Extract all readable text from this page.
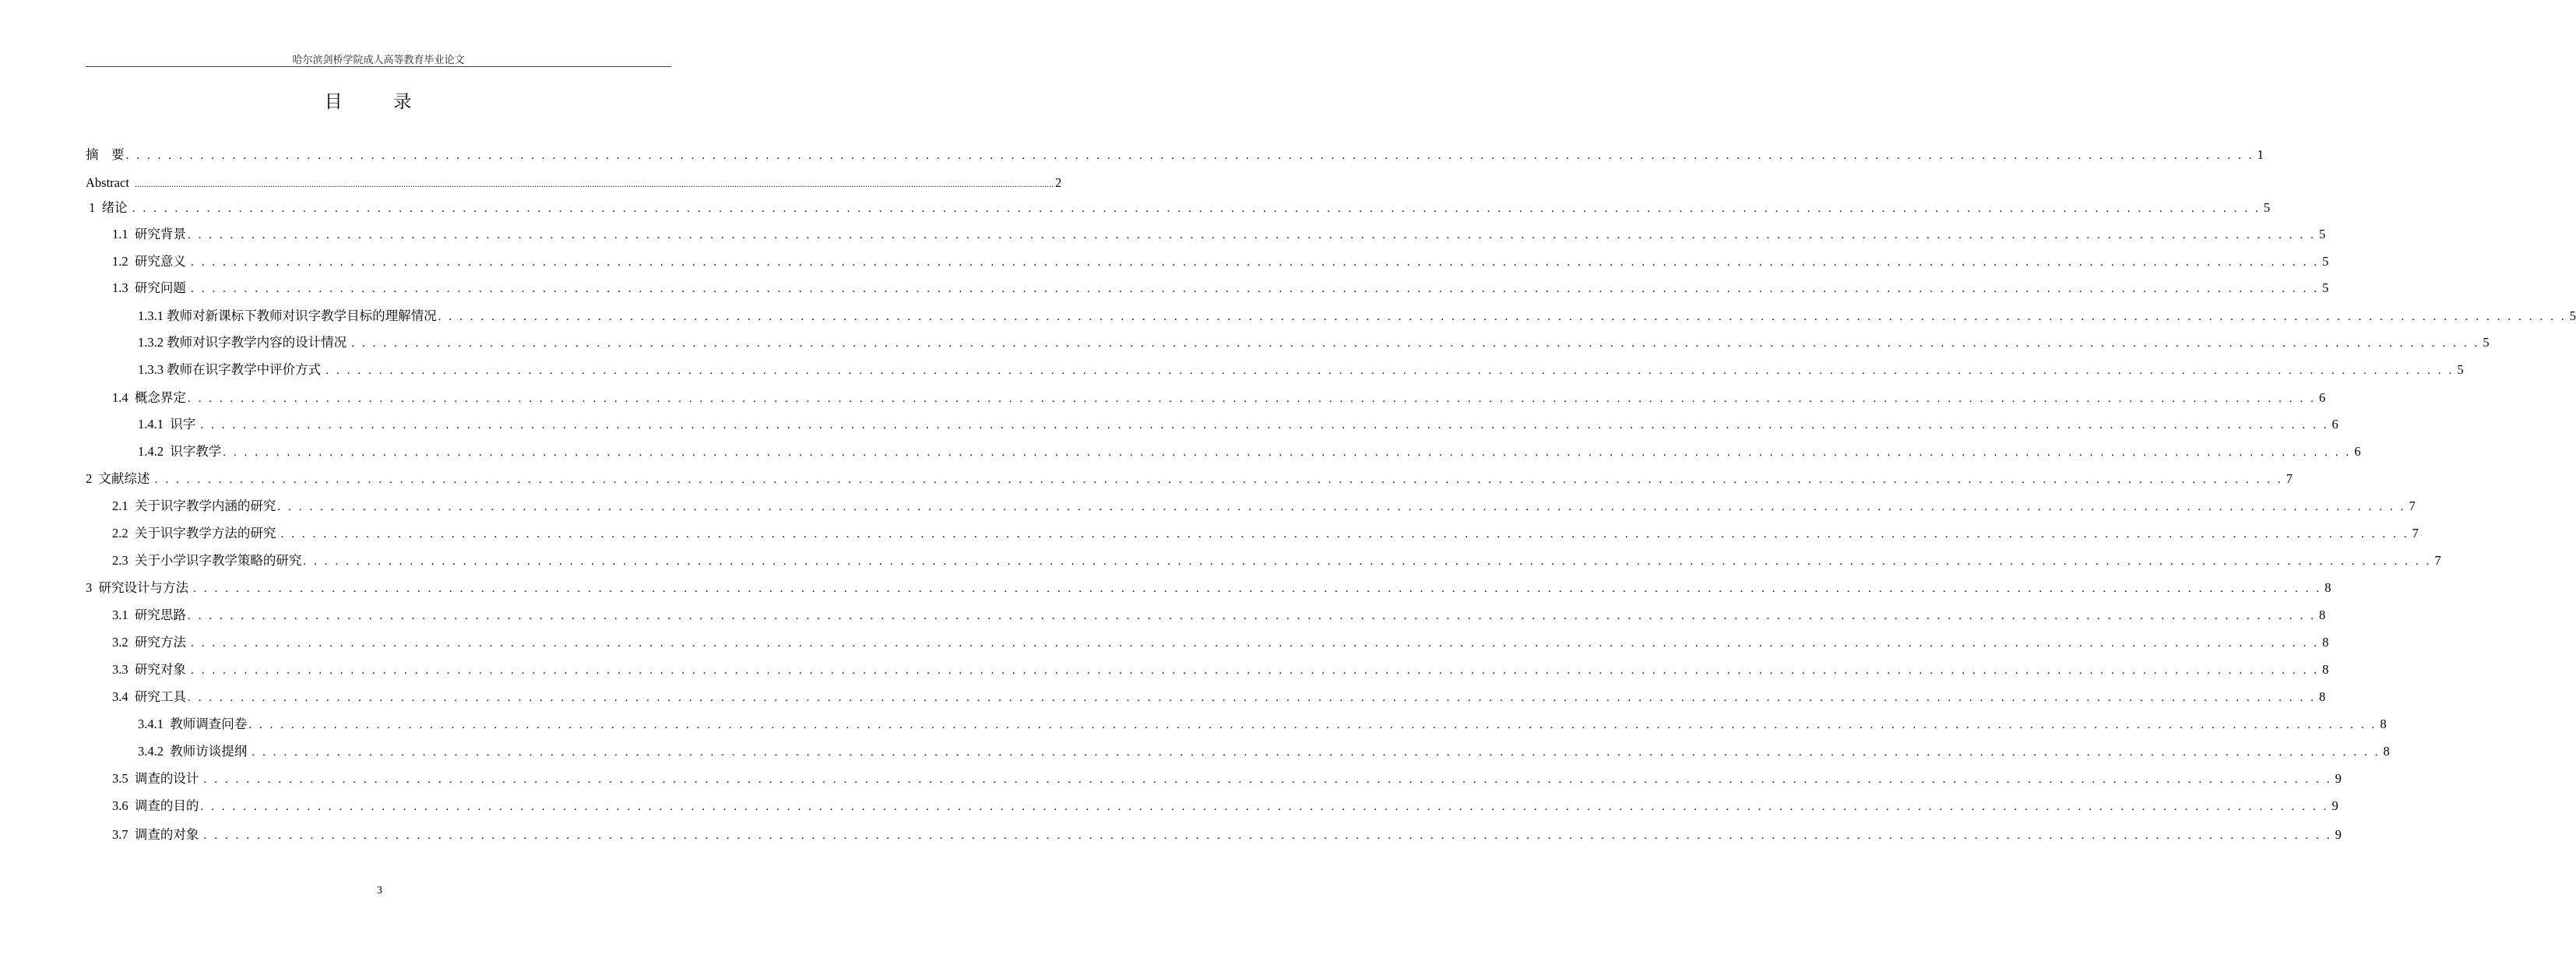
哈尔滨剑桥学院成人高等教育毕业论文
目 录
摘    要 . . . . . . . . . . . . . . . . . . . . . . . . . . . . . . . . . . . . . . . . . . . . . . . . . . . . . . . . . . . . . . . . . . . . . . . . . . . . . . . . . . . . . . . . . . . . . . . . . . . . . . . . . . . . . . . . . . . . . . . . . . . . . . . . . . . . . . . . . . . . . . . . . . . . . . . . . . . . . . . . . . . . . . . . . . . . . . . . . . . . . . . . . . . . . . . . . . . . . . . . 1
Abstract ................................................................................................................................................................................................................................................................................................................................................................................................................ 2
1  绪论 . . . . . . . . . . . . . . . . . . . . . . . . . . . . . . . . . . . . . . . . . . . . . . . . . . . . . . . . . . . . . . . . . . . . . . . . . . . . . . . . . . . . . . . . . . . . . . . . . . . . . . . . . . . . . . . . . . . . . . . . . . . . . . . . . . . . . . . . . . . . . . . . . . . . . . . . . . . . . . . . . . . . . . . . . . . . . . . . . . . . . . . . . . . . . . . . . . . . . . . . 5
1.1  研究背景 . . . . . . . . . . . . . . . . . . . . . . . . . . . . . . . . . . . . . . . . . . . . . . . . . . . . . . . . . . . . . . . . . . . . . . . . . . . . . . . . . . . . . . . . . . . . . . . . . . . . . . . . . . . . . . . . . . . . . . . . . . . . . . . . . . . . . . . . . . . . . . . . . . . . . . . . . . . . . . . . . . . . . . . . . . . . . . . . . . . . . . . . . . . . . . . . . . . . . . . . 5
1.2  研究意义 . . . . . . . . . . . . . . . . . . . . . . . . . . . . . . . . . . . . . . . . . . . . . . . . . . . . . . . . . . . . . . . . . . . . . . . . . . . . . . . . . . . . . . . . . . . . . . . . . . . . . . . . . . . . . . . . . . . . . . . . . . . . . . . . . . . . . . . . . . . . . . . . . . . . . . . . . . . . . . . . . . . . . . . . . . . . . . . . . . . . . . . . . . . . . . . . . . . . . . . . 5
1.3  研究问题 . . . . . . . . . . . . . . . . . . . . . . . . . . . . . . . . . . . . . . . . . . . . . . . . . . . . . . . . . . . . . . . . . . . . . . . . . . . . . . . . . . . . . . . . . . . . . . . . . . . . . . . . . . . . . . . . . . . . . . . . . . . . . . . . . . . . . . . . . . . . . . . . . . . . . . . . . . . . . . . . . . . . . . . . . . . . . . . . . . . . . . . . . . . . . . . . . . . . . . . . 5
1.3.1 教师对新课标下教师对识字教学目标的理解情况 . . . . . . . . . . . . . . . . . . . . . . . . . . . . . . . . . . . . . . . . . . . . . . . . . . . . . . . . . . . . . . . . . . . . . . . . . . . . . . . . . . . . . . . . . . . . . . . . . . . . . . . . . . . . . . . . . . . . . . . . . . . . . . . . . . . . . . . . . . . . . . . . . . . . . . . . . . . . . . . . . . . . . . . . . . . . . . . . . . . . . . . . . . . . . . . . . . . . . . . . 5
1.3.2 教师对识字教学内容的设计情况 . . . . . . . . . . . . . . . . . . . . . . . . . . . . . . . . . . . . . . . . . . . . . . . . . . . . . . . . . . . . . . . . . . . . . . . . . . . . . . . . . . . . . . . . . . . . . . . . . . . . . . . . . . . . . . . . . . . . . . . . . . . . . . . . . . . . . . . . . . . . . . . . . . . . . . . . . . . . . . . . . . . . . . . . . . . . . . . . . . . . . . . . . . . . . . . . . . . . . . . . 5
1.3.3 教师在识字教学中评价方式 . . . . . . . . . . . . . . . . . . . . . . . . . . . . . . . . . . . . . . . . . . . . . . . . . . . . . . . . . . . . . . . . . . . . . . . . . . . . . . . . . . . . . . . . . . . . . . . . . . . . . . . . . . . . . . . . . . . . . . . . . . . . . . . . . . . . . . . . . . . . . . . . . . . . . . . . . . . . . . . . . . . . . . . . . . . . . . . . . . . . . . . . . . . . . . . . . . . . . . . . 5
1.4  概念界定 . . . . . . . . . . . . . . . . . . . . . . . . . . . . . . . . . . . . . . . . . . . . . . . . . . . . . . . . . . . . . . . . . . . . . . . . . . . . . . . . . . . . . . . . . . . . . . . . . . . . . . . . . . . . . . . . . . . . . . . . . . . . . . . . . . . . . . . . . . . . . . . . . . . . . . . . . . . . . . . . . . . . . . . . . . . . . . . . . . . . . . . . . . . . . . . . . . . . . . . . 6
1.4.1  识字 . . . . . . . . . . . . . . . . . . . . . . . . . . . . . . . . . . . . . . . . . . . . . . . . . . . . . . . . . . . . . . . . . . . . . . . . . . . . . . . . . . . . . . . . . . . . . . . . . . . . . . . . . . . . . . . . . . . . . . . . . . . . . . . . . . . . . . . . . . . . . . . . . . . . . . . . . . . . . . . . . . . . . . . . . . . . . . . . . . . . . . . . . . . . . . . . . . . . . . . . 6
1.4.2  识字教学 . . . . . . . . . . . . . . . . . . . . . . . . . . . . . . . . . . . . . . . . . . . . . . . . . . . . . . . . . . . . . . . . . . . . . . . . . . . . . . . . . . . . . . . . . . . . . . . . . . . . . . . . . . . . . . . . . . . . . . . . . . . . . . . . . . . . . . . . . . . . . . . . . . . . . . . . . . . . . . . . . . . . . . . . . . . . . . . . . . . . . . . . . . . . . . . . . . . . . . . . 6
2  文献综述 . . . . . . . . . . . . . . . . . . . . . . . . . . . . . . . . . . . . . . . . . . . . . . . . . . . . . . . . . . . . . . . . . . . . . . . . . . . . . . . . . . . . . . . . . . . . . . . . . . . . . . . . . . . . . . . . . . . . . . . . . . . . . . . . . . . . . . . . . . . . . . . . . . . . . . . . . . . . . . . . . . . . . . . . . . . . . . . . . . . . . . . . . . . . . . . . . . . . . . . . 7
2.1  关于识字教学内涵的研究 . . . . . . . . . . . . . . . . . . . . . . . . . . . . . . . . . . . . . . . . . . . . . . . . . . . . . . . . . . . . . . . . . . . . . . . . . . . . . . . . . . . . . . . . . . . . . . . . . . . . . . . . . . . . . . . . . . . . . . . . . . . . . . . . . . . . . . . . . . . . . . . . . . . . . . . . . . . . . . . . . . . . . . . . . . . . . . . . . . . . . . . . . . . . . . . . . . . . . . . . 7
2.2  关于识字教学方法的研究 . . . . . . . . . . . . . . . . . . . . . . . . . . . . . . . . . . . . . . . . . . . . . . . . . . . . . . . . . . . . . . . . . . . . . . . . . . . . . . . . . . . . . . . . . . . . . . . . . . . . . . . . . . . . . . . . . . . . . . . . . . . . . . . . . . . . . . . . . . . . . . . . . . . . . . . . . . . . . . . . . . . . . . . . . . . . . . . . . . . . . . . . . . . . . . . . . . . . . . . . 7
2.3  关于小学识字教学策略的研究 . . . . . . . . . . . . . . . . . . . . . . . . . . . . . . . . . . . . . . . . . . . . . . . . . . . . . . . . . . . . . . . . . . . . . . . . . . . . . . . . . . . . . . . . . . . . . . . . . . . . . . . . . . . . . . . . . . . . . . . . . . . . . . . . . . . . . . . . . . . . . . . . . . . . . . . . . . . . . . . . . . . . . . . . . . . . . . . . . . . . . . . . . . . . . . . . . . . . . . . . 7
3  研究设计与方法 . . . . . . . . . . . . . . . . . . . . . . . . . . . . . . . . . . . . . . . . . . . . . . . . . . . . . . . . . . . . . . . . . . . . . . . . . . . . . . . . . . . . . . . . . . . . . . . . . . . . . . . . . . . . . . . . . . . . . . . . . . . . . . . . . . . . . . . . . . . . . . . . . . . . . . . . . . . . . . . . . . . . . . . . . . . . . . . . . . . . . . . . . . . . . . . . . . . . . . . . 8
3.1  研究思路 . . . . . . . . . . . . . . . . . . . . . . . . . . . . . . . . . . . . . . . . . . . . . . . . . . . . . . . . . . . . . . . . . . . . . . . . . . . . . . . . . . . . . . . . . . . . . . . . . . . . . . . . . . . . . . . . . . . . . . . . . . . . . . . . . . . . . . . . . . . . . . . . . . . . . . . . . . . . . . . . . . . . . . . . . . . . . . . . . . . . . . . . . . . . . . . . . . . . . . . . 8
3.2  研究方法 . . . . . . . . . . . . . . . . . . . . . . . . . . . . . . . . . . . . . . . . . . . . . . . . . . . . . . . . . . . . . . . . . . . . . . . . . . . . . . . . . . . . . . . . . . . . . . . . . . . . . . . . . . . . . . . . . . . . . . . . . . . . . . . . . . . . . . . . . . . . . . . . . . . . . . . . . . . . . . . . . . . . . . . . . . . . . . . . . . . . . . . . . . . . . . . . . . . . . . . . 8
3.3  研究对象 . . . . . . . . . . . . . . . . . . . . . . . . . . . . . . . . . . . . . . . . . . . . . . . . . . . . . . . . . . . . . . . . . . . . . . . . . . . . . . . . . . . . . . . . . . . . . . . . . . . . . . . . . . . . . . . . . . . . . . . . . . . . . . . . . . . . . . . . . . . . . . . . . . . . . . . . . . . . . . . . . . . . . . . . . . . . . . . . . . . . . . . . . . . . . . . . . . . . . . . . 8
3.4  研究工具 . . . . . . . . . . . . . . . . . . . . . . . . . . . . . . . . . . . . . . . . . . . . . . . . . . . . . . . . . . . . . . . . . . . . . . . . . . . . . . . . . . . . . . . . . . . . . . . . . . . . . . . . . . . . . . . . . . . . . . . . . . . . . . . . . . . . . . . . . . . . . . . . . . . . . . . . . . . . . . . . . . . . . . . . . . . . . . . . . . . . . . . . . . . . . . . . . . . . . . . . 8
3.4.1  教师调查问卷 . . . . . . . . . . . . . . . . . . . . . . . . . . . . . . . . . . . . . . . . . . . . . . . . . . . . . . . . . . . . . . . . . . . . . . . . . . . . . . . . . . . . . . . . . . . . . . . . . . . . . . . . . . . . . . . . . . . . . . . . . . . . . . . . . . . . . . . . . . . . . . . . . . . . . . . . . . . . . . . . . . . . . . . . . . . . . . . . . . . . . . . . . . . . . . . . . . . . . . . . 8
3.4.2  教师访谈提纲 . . . . . . . . . . . . . . . . . . . . . . . . . . . . . . . . . . . . . . . . . . . . . . . . . . . . . . . . . . . . . . . . . . . . . . . . . . . . . . . . . . . . . . . . . . . . . . . . . . . . . . . . . . . . . . . . . . . . . . . . . . . . . . . . . . . . . . . . . . . . . . . . . . . . . . . . . . . . . . . . . . . . . . . . . . . . . . . . . . . . . . . . . . . . . . . . . . . . . . . . 8
3.5  调查的设计 . . . . . . . . . . . . . . . . . . . . . . . . . . . . . . . . . . . . . . . . . . . . . . . . . . . . . . . . . . . . . . . . . . . . . . . . . . . . . . . . . . . . . . . . . . . . . . . . . . . . . . . . . . . . . . . . . . . . . . . . . . . . . . . . . . . . . . . . . . . . . . . . . . . . . . . . . . . . . . . . . . . . . . . . . . . . . . . . . . . . . . . . . . . . . . . . . . . . . . . . 9
3.6  调查的目的 . . . . . . . . . . . . . . . . . . . . . . . . . . . . . . . . . . . . . . . . . . . . . . . . . . . . . . . . . . . . . . . . . . . . . . . . . . . . . . . . . . . . . . . . . . . . . . . . . . . . . . . . . . . . . . . . . . . . . . . . . . . . . . . . . . . . . . . . . . . . . . . . . . . . . . . . . . . . . . . . . . . . . . . . . . . . . . . . . . . . . . . . . . . . . . . . . . . . . . . . 9
3.7  调查的对象 . . . . . . . . . . . . . . . . . . . . . . . . . . . . . . . . . . . . . . . . . . . . . . . . . . . . . . . . . . . . . . . . . . . . . . . . . . . . . . . . . . . . . . . . . . . . . . . . . . . . . . . . . . . . . . . . . . . . . . . . . . . . . . . . . . . . . . . . . . . . . . . . . . . . . . . . . . . . . . . . . . . . . . . . . . . . . . . . . . . . . . . . . . . . . . . . . . . . . . . . 9
3
